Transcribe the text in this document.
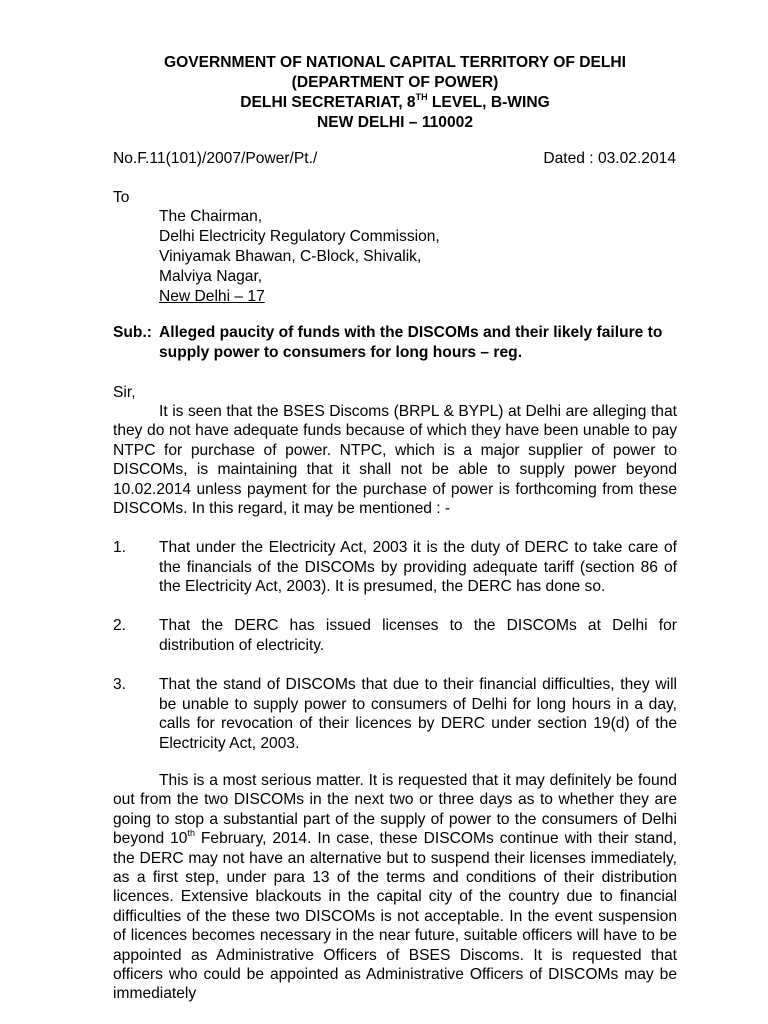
GOVERNMENT OF NATIONAL CAPITAL TERRITORY OF DELHI
(DEPARTMENT OF POWER)
DELHI SECRETARIAT, 8TH LEVEL, B-WING
NEW DELHI – 110002
No.F.11(101)/2007/Power/Pt./	Dated : 03.02.2014
To
The Chairman,
Delhi Electricity Regulatory Commission,
Viniyamak Bhawan, C-Block, Shivalik,
Malviya Nagar,
New Delhi – 17
Sub.: Alleged paucity of funds with the DISCOMs and their likely failure to supply power to consumers for long hours – reg.
Sir,

It is seen that the BSES Discoms (BRPL & BYPL) at Delhi are alleging that they do not have adequate funds because of which they have been unable to pay NTPC for purchase of power. NTPC, which is a major supplier of power to DISCOMs, is maintaining that it shall not be able to supply power beyond 10.02.2014 unless payment for the purchase of power is forthcoming from these DISCOMs. In this regard, it may be mentioned : -

1. That under the Electricity Act, 2003 it is the duty of DERC to take care of the financials of the DISCOMs by providing adequate tariff (section 86 of the Electricity Act, 2003). It is presumed, the DERC has done so.
2. That the DERC has issued licenses to the DISCOMs at Delhi for distribution of electricity.
3. That the stand of DISCOMs that due to their financial difficulties, they will be unable to supply power to consumers of Delhi for long hours in a day, calls for revocation of their licences by DERC under section 19(d) of the Electricity Act, 2003.

This is a most serious matter. It is requested that it may definitely be found out from the two DISCOMs in the next two or three days as to whether they are going to stop a substantial part of the supply of power to the consumers of Delhi beyond 10th February, 2014. In case, these DISCOMs continue with their stand, the DERC may not have an alternative but to suspend their licenses immediately, as a first step, under para 13 of the terms and conditions of their distribution licences. Extensive blackouts in the capital city of the country due to financial difficulties of the these two DISCOMs is not acceptable. In the event suspension of licences becomes necessary in the near future, suitable officers will have to be appointed as Administrative Officers of BSES Discoms. It is requested that officers who could be appointed as Administrative Officers of DISCOMs may be immediately
